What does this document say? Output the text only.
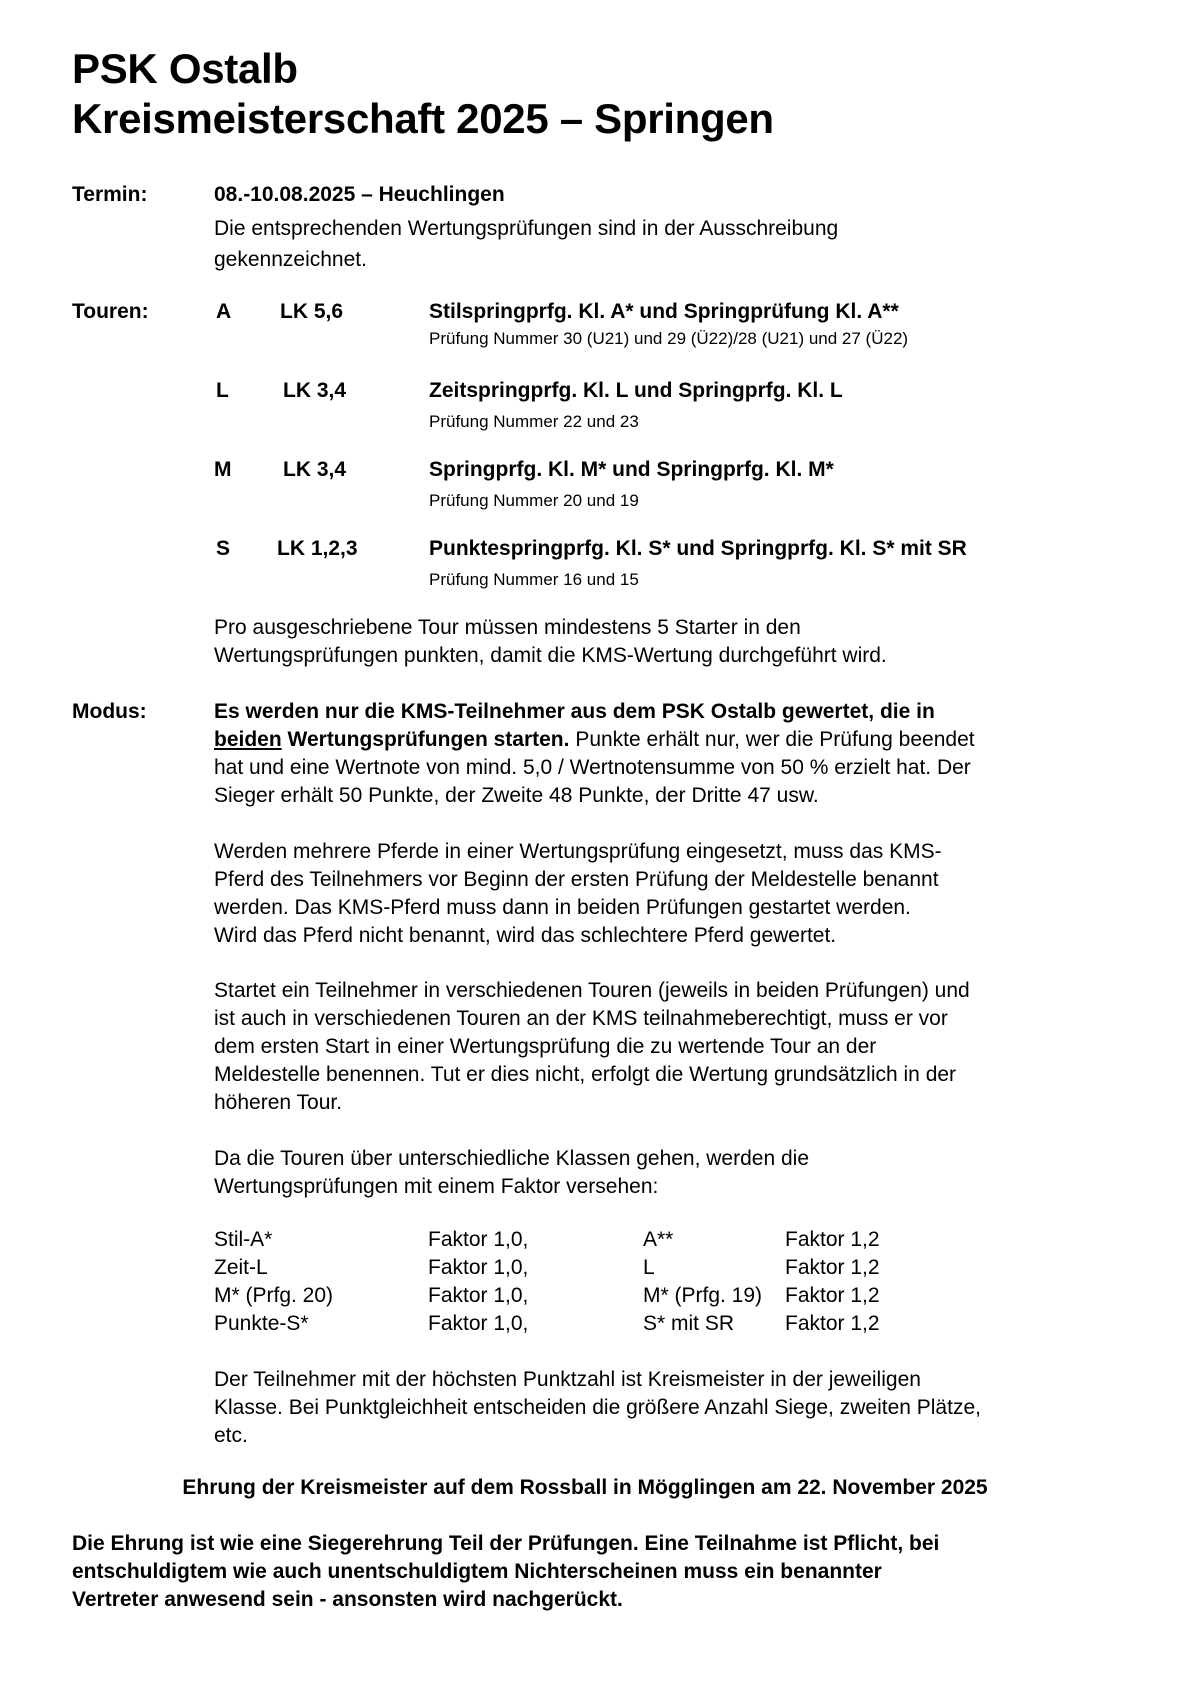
PSK Ostalb
Kreismeisterschaft 2025 – Springen
Termin:	08.-10.08.2025 – Heuchlingen
Die entsprechenden Wertungsprüfungen sind in der Ausschreibung
gekennzeichnet.
Touren:	A LK 5,6	Stilspringprfg. Kl. A* und Springprüfung Kl. A**
Prüfung Nummer 30 (U21) und 29 (Ü22)/28 (U21) und 27 (Ü22)
L	LK 3,4	Zeitspringprfg. Kl. L und Springprfg. Kl. L
Prüfung Nummer 22 und 23
M LK 3,4	Springprfg. Kl. M* und Springprfg. Kl. M*
Prüfung Nummer 20 und 19
S LK 1,2,3	Punktespringprfg. Kl. S* und Springprfg. Kl. S* mit SR
Prüfung Nummer 16 und 15
Pro ausgeschriebene Tour müssen mindestens 5 Starter in den
Wertungsprüfungen punkten, damit die KMS-Wertung durchgeführt wird.
Modus:	Es werden nur die KMS-Teilnehmer aus dem PSK Ostalb gewertet, die in
beiden Wertungsprüfungen starten. Punkte erhält nur, wer die Prüfung beendet
hat und eine Wertnote von mind. 5,0 / Wertnotensumme von 50 % erzielt hat. Der
Sieger erhält 50 Punkte, der Zweite 48 Punkte, der Dritte 47 usw.
Werden mehrere Pferde in einer Wertungsprüfung eingesetzt, muss das KMS-
Pferd des Teilnehmers vor Beginn der ersten Prüfung der Meldestelle benannt
werden. Das KMS-Pferd muss dann in beiden Prüfungen gestartet werden.
Wird das Pferd nicht benannt, wird das schlechtere Pferd gewertet.
Startet ein Teilnehmer in verschiedenen Touren (jeweils in beiden Prüfungen) und
ist auch in verschiedenen Touren an der KMS teilnahmeberechtigt, muss er vor
dem ersten Start in einer Wertungsprüfung die zu wertende Tour an der
Meldestelle benennen. Tut er dies nicht, erfolgt die Wertung grundsätzlich in der
höheren Tour.
Da die Touren über unterschiedliche Klassen gehen, werden die
Wertungsprüfungen mit einem Faktor versehen:
Stil-A*	Faktor 1,0,	A**	Faktor 1,2
Zeit-L	Faktor 1,0,	L	Faktor 1,2
M* (Prfg. 20)	Faktor 1,0,	M* (Prfg. 19) Faktor 1,2
Punkte-S*	Faktor 1,0,	S* mit SR Faktor 1,2
Der Teilnehmer mit der höchsten Punktzahl ist Kreismeister in der jeweiligen
Klasse. Bei Punktgleichheit entscheiden die größere Anzahl Siege, zweiten Plätze,
etc.
Ehrung der Kreismeister auf dem Rossball in Mögglingen am 22. November 2025
Die Ehrung ist wie eine Siegerehrung Teil der Prüfungen. Eine Teilnahme ist Pflicht, bei
entschuldigtem wie auch unentschuldigtem Nichterscheinen muss ein benannter
Vertreter anwesend sein - ansonsten wird nachgerückt.
